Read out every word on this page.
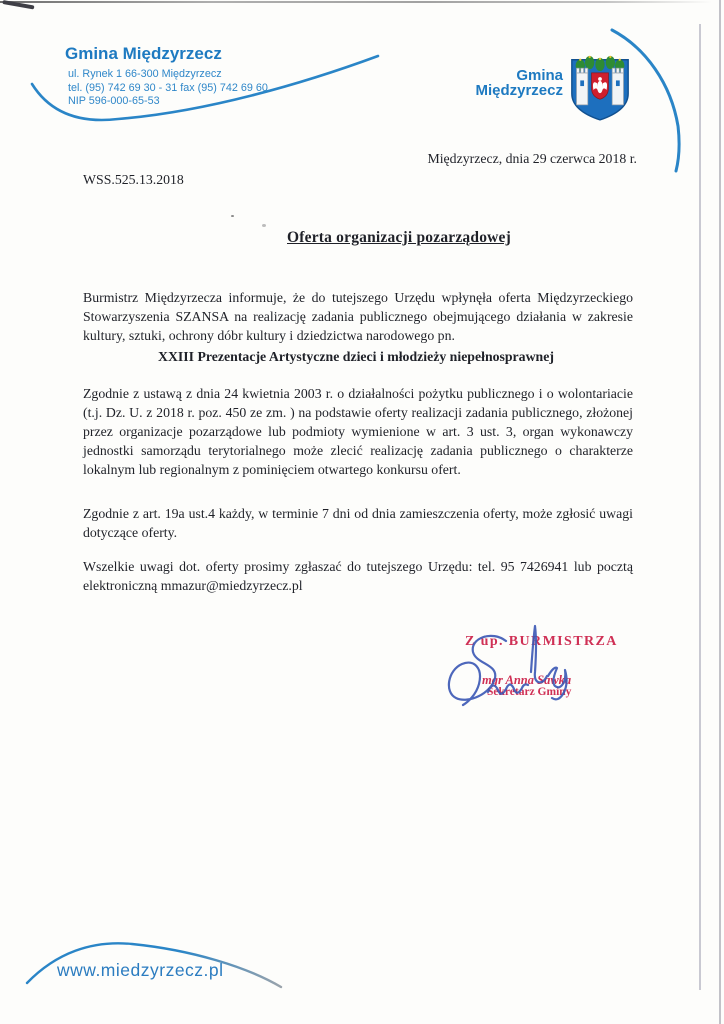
Gmina Międzyrzecz
ul. Rynek 1 66-300 Międzyrzecz
tel. (95) 742 69 30 - 31 fax (95) 742 69 60
NIP 596-000-65-53
Gmina
Międzyrzecz
Międzyrzecz, dnia 29 czerwca 2018 r.
WSS.525.13.2018
Oferta organizacji pozarządowej

Burmistrz Międzyrzecza informuje, że do tutejszego Urzędu wpłynęła oferta Międzyrzeckiego Stowarzyszenia SZANSA na realizację zadania publicznego obejmującego działania w zakresie kultury, sztuki, ochrony dóbr kultury i dziedzictwa narodowego pn.

XXIII Prezentacje Artystyczne dzieci i młodzieży niepełnosprawnej

Zgodnie z ustawą z dnia 24 kwietnia 2003 r. o działalności pożytku publicznego i o wolontariacie (t.j. Dz. U. z 2018 r. poz. 450 ze zm. ) na podstawie oferty realizacji zadania publicznego, złożonej przez organizacje pozarządowe lub podmioty wymienione w art. 3 ust. 3, organ wykonawczy jednostki samorządu terytorialnego może zlecić realizację zadania publicznego o charakterze lokalnym lub regionalnym z pominięciem otwartego konkursu ofert.

Zgodnie z art. 19a ust.4 każdy, w terminie 7 dni od dnia zamieszczenia oferty, może zgłosić uwagi dotyczące oferty.

Wszelkie uwagi dot. oferty prosimy zgłaszać do tutejszego Urzędu: tel. 95 7426941 lub pocztą elektroniczną mmazur@miedzyrzecz.pl

Z up. BURMISTRZA
mgr Anna Sawka
Sekretarz Gminy
www.miedzyrzecz.pl
